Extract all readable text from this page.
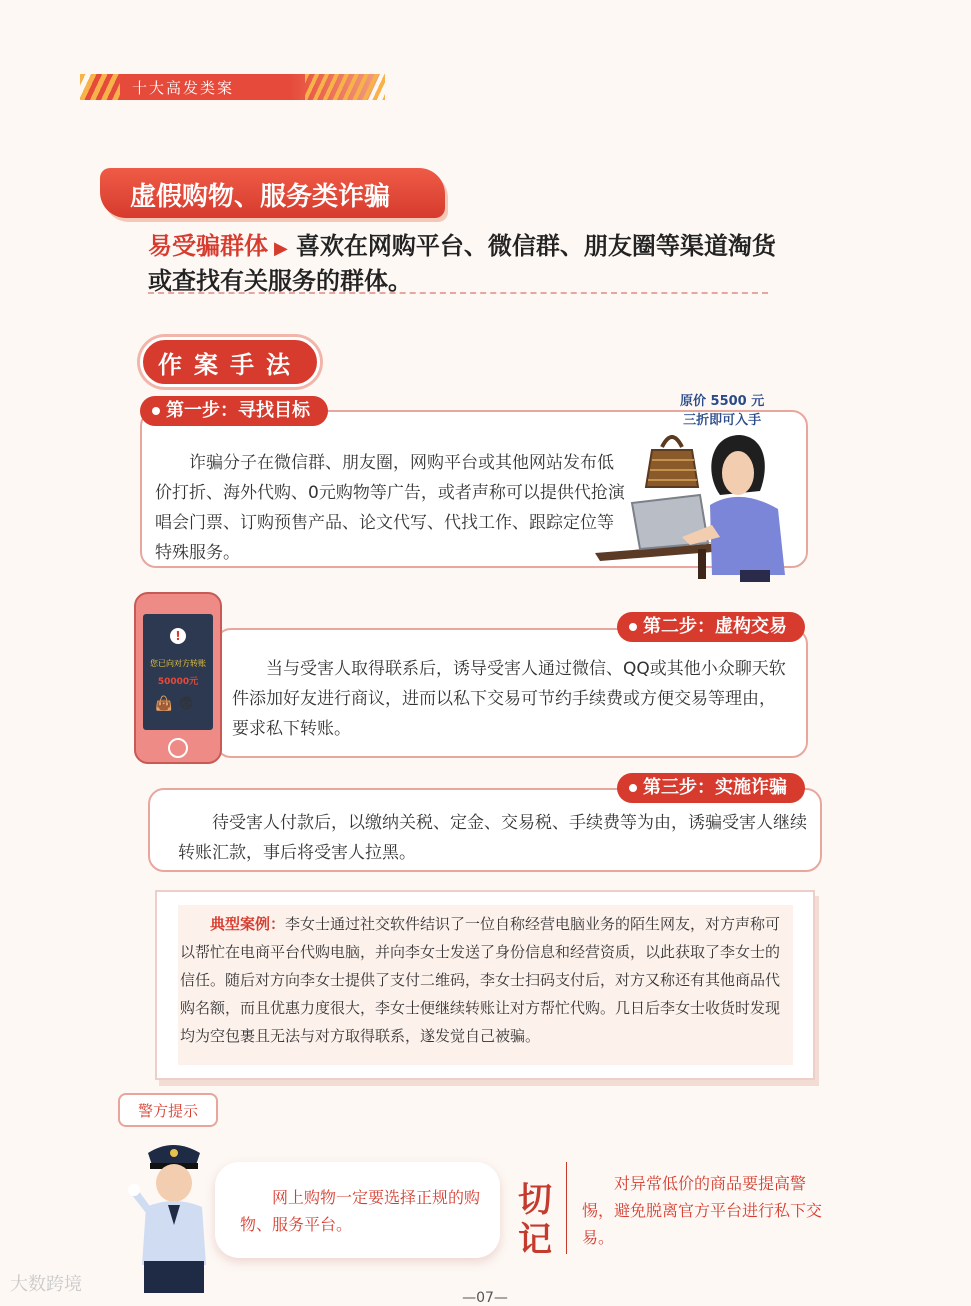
十大高发类案
虚假购物、服务类诈骗
易受骗群体 ▶ 喜欢在网购平台、微信群、朋友圈等渠道淘货或查找有关服务的群体。
作案手法
第一步：寻找目标
诈骗分子在微信群、朋友圈，网购平台或其他网站发布低价打折、海外代购、0元购物等广告，或者声称可以提供代抢演唱会门票、订购预售产品、论文代写、代找工作、跟踪定位等特殊服务。
原价 5500 元
三折即可入手
第二步：虚构交易
当与受害人取得联系后，诱导受害人通过微信、QQ或其他小众聊天软件添加好友进行商议，进而以私下交易可节约手续费或方便交易等理由，要求私下转账。
!
您已向对方转账
50000元
👜 😨
第三步：实施诈骗
待受害人付款后，以缴纳关税、定金、交易税、手续费等为由，诱骗受害人继续转账汇款，事后将受害人拉黑。
典型案例：李女士通过社交软件结识了一位自称经营电脑业务的陌生网友，对方声称可以帮忙在电商平台代购电脑，并向李女士发送了身份信息和经营资质，以此获取了李女士的信任。随后对方向李女士提供了支付二维码，李女士扫码支付后，对方又称还有其他商品代购名额，而且优惠力度很大，李女士便继续转账让对方帮忙代购。几日后李女士收货时发现均为空包裹且无法与对方取得联系，遂发觉自己被骗。
警方提示
网上购物一定要选择正规的购物、服务平台。
切记
对异常低价的商品要提高警惕，避免脱离官方平台进行私下交易。
—07—
大数跨境
